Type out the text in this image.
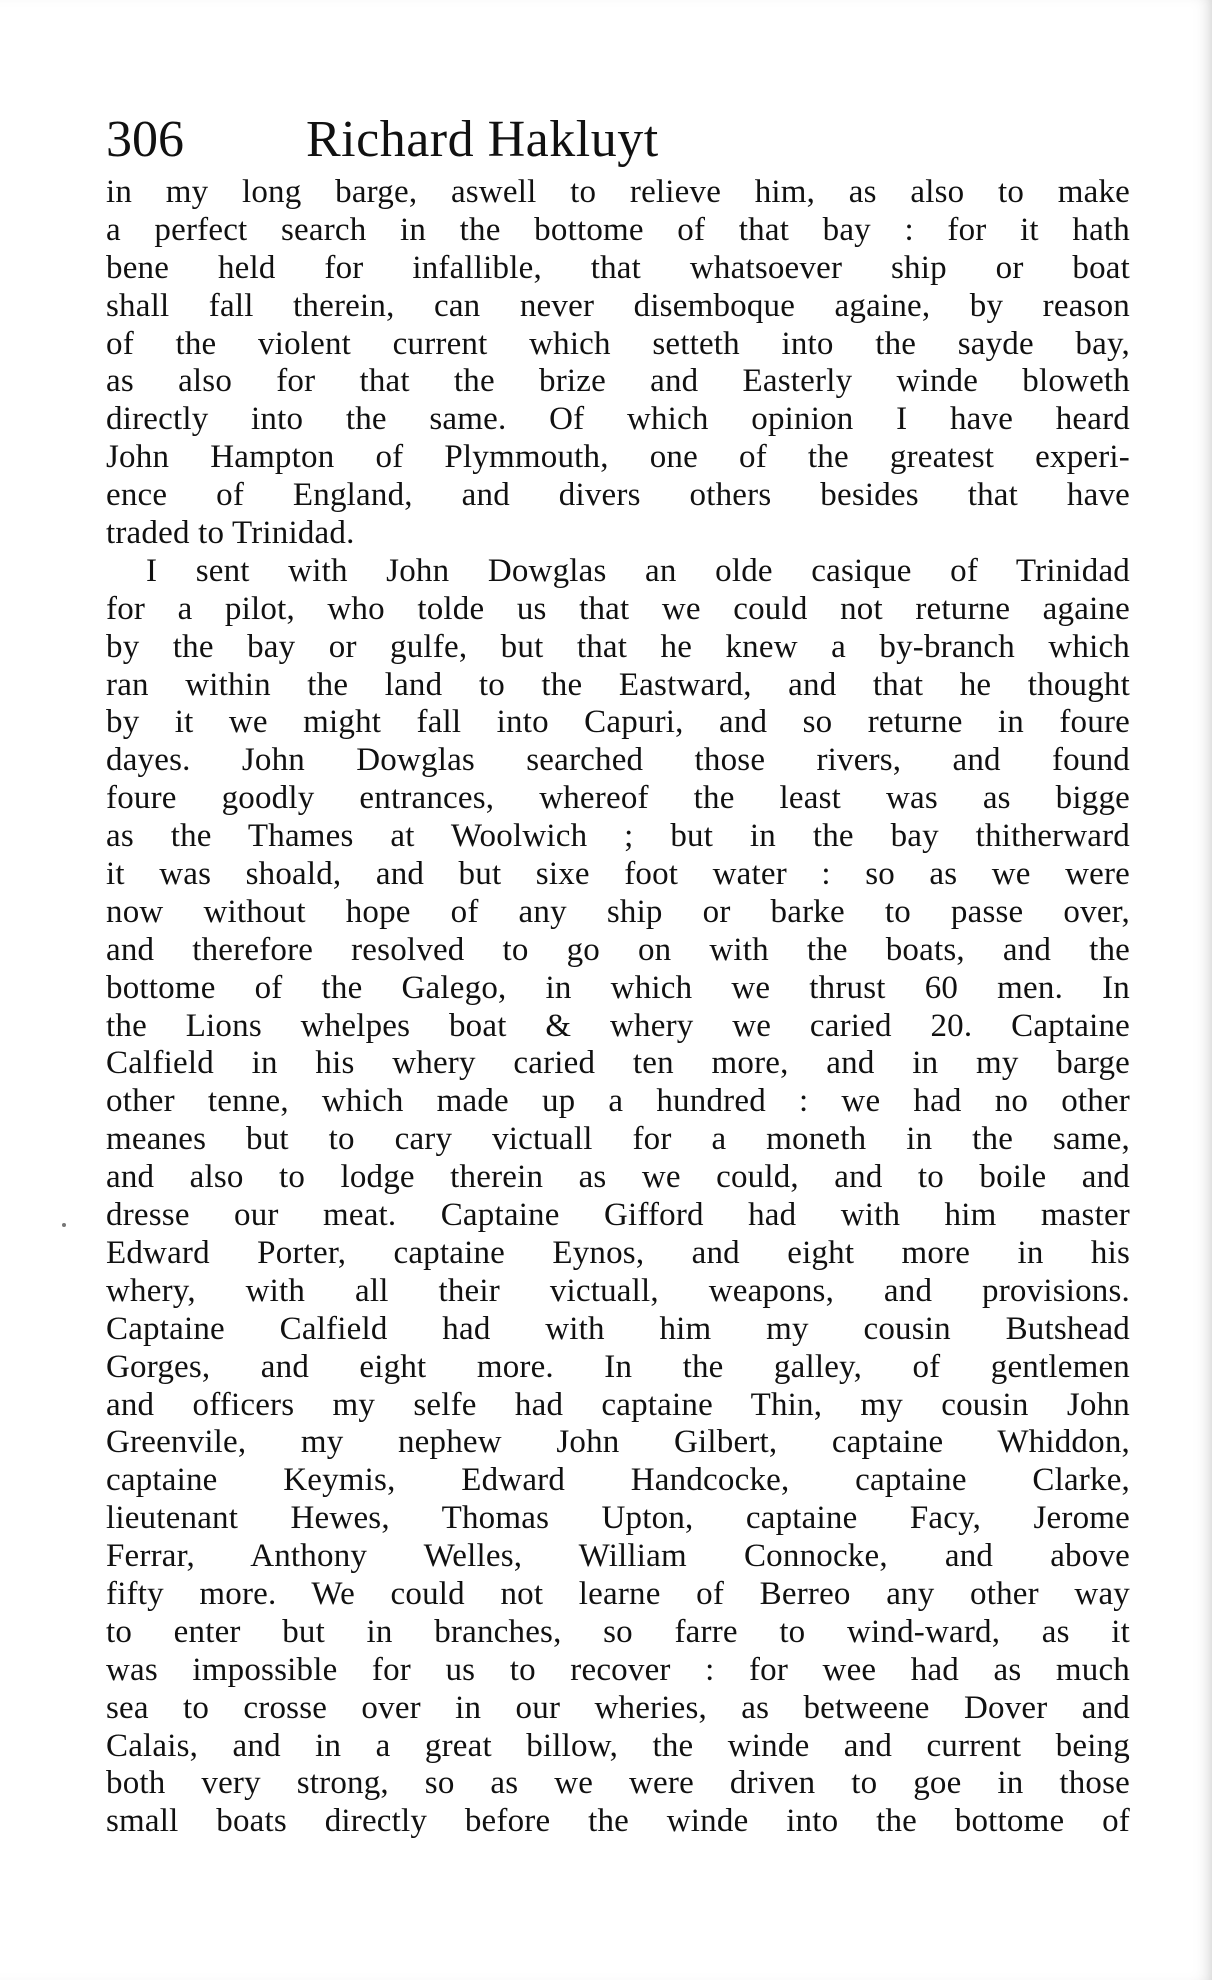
306	Richard Hakluyt
in my long barge, aswell to relieve him, as also to make
a perfect search in the bottome of that bay : for it hath
bene held for infallible, that whatsoever ship or boat
shall fall therein, can never disemboque againe, by reason
of the violent current which setteth into the sayde bay,
as also for that the brize and Easterly winde bloweth
directly into the same. Of which opinion I have heard
John Hampton of Plymmouth, one of the greatest experi-
ence of England, and divers others besides that have
traded to Trinidad.
I sent with John Dowglas an olde casique of Trinidad
for a pilot, who tolde us that we could not returne againe
by the bay or gulfe, but that he knew a by-branch which
ran within the land to the Eastward, and that he thought
by it we might fall into Capuri, and so returne in foure
dayes. John Dowglas searched those rivers, and found
foure goodly entrances, whereof the least was as bigge
as the Thames at Woolwich ; but in the bay thitherward
it was shoald, and but sixe foot water : so as we were
now without hope of any ship or barke to passe over,
and therefore resolved to go on with the boats, and the
bottome of the Galego, in which we thrust 60 men. In
the Lions whelpes boat & whery we caried 20. Captaine
Calfield in his whery caried ten more, and in my barge
other tenne, which made up a hundred : we had no other
meanes but to cary victuall for a moneth in the same,
and also to lodge therein as we could, and to boile and
dresse our meat. Captaine Gifford had with him master
Edward Porter, captaine Eynos, and eight more in his
whery, with all their victuall, weapons, and provisions.
Captaine Calfield had with him my cousin Butshead
Gorges, and eight more. In the galley, of gentlemen
and officers my selfe had captaine Thin, my cousin John
Greenvile, my nephew John Gilbert, captaine Whiddon,
captaine Keymis, Edward Handcocke, captaine Clarke,
lieutenant Hewes, Thomas Upton, captaine Facy, Jerome
Ferrar, Anthony Welles, William Connocke, and above
fifty more. We could not learne of Berreo any other way
to enter but in branches, so farre to wind-ward, as it
was impossible for us to recover : for wee had as much
sea to crosse over in our wheries, as betweene Dover and
Calais, and in a great billow, the winde and current being
both very strong, so as we were driven to goe in those
small boats directly before the winde into the bottome of
